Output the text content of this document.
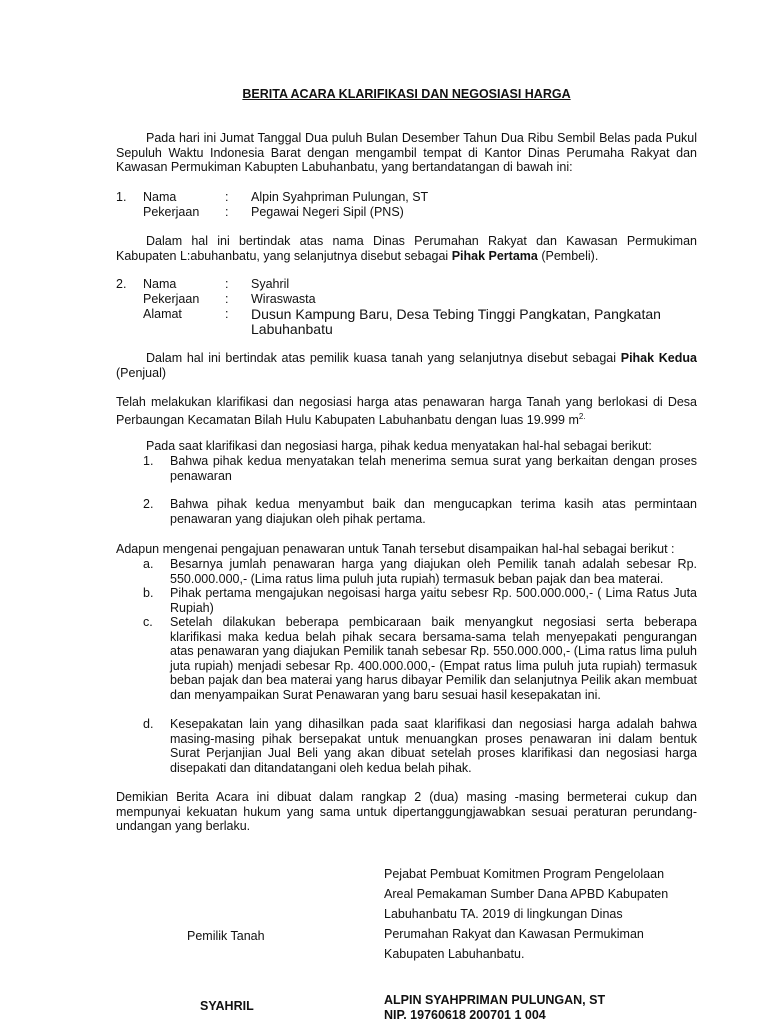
BERITA ACARA KLARIFIKASI DAN NEGOSIASI HARGA
Pada hari ini Jumat Tanggal Dua puluh Bulan Desember Tahun Dua Ribu Sembil Belas pada Pukul Sepuluh Waktu Indonesia Barat dengan mengambil tempat di Kantor Dinas Perumaha Rakyat dan Kawasan Permukiman Kabupten Labuhanbatu, yang bertandatangan di bawah ini:
1. Nama	: Alpin Syahpriman Pulungan, ST
Pekerjaan : Pegawai Negeri Sipil (PNS)
Dalam hal ini bertindak atas nama Dinas Perumahan Rakyat dan Kawasan Permukiman Kabupaten L:abuhanbatu, yang selanjutnya disebut sebagai Pihak Pertama (Pembeli).
2. Nama	: Syahril
Pekerjaan : Wiraswasta
Alamat	: Dusun Kampung Baru, Desa Tebing Tinggi Pangkatan, Pangkatan Labuhanbatu
Dalam hal ini bertindak atas pemilik kuasa tanah yang selanjutnya disebut sebagai Pihak Kedua (Penjual)
Telah melakukan klarifikasi dan negosiasi harga atas penawaran harga Tanah yang berlokasi di Desa Perbaungan Kecamatan Bilah Hulu Kabupaten Labuhanbatu dengan luas 19.999 $m^{2.}$
Pada saat klarifikasi dan negosiasi harga, pihak kedua menyatakan hal-hal sebagai berikut:
1. Bahwa pihak kedua menyatakan telah menerima semua surat yang berkaitan dengan proses penawaran
2. Bahwa pihak kedua menyambut baik dan mengucapkan terima kasih atas permintaan penawaran yang diajukan oleh pihak pertama.
Adapun mengenai pengajuan penawaran untuk Tanah tersebut disampaikan hal-hal sebagai berikut :
a. Besarnya jumlah penawaran harga yang diajukan oleh Pemilik tanah adalah sebesar Rp. 550.000.000,- (Lima ratus lima puluh juta rupiah) termasuk beban pajak dan bea materai.
b. Pihak pertama mengajukan negoisasi harga yaitu sebesr Rp. 500.000.000,- ( Lima Ratus Juta Rupiah)
c. Setelah dilakukan beberapa pembicaraan baik menyangkut negosiasi serta beberapa klarifikasi maka kedua belah pihak secara bersama-sama telah menyepakati pengurangan atas penawaran yang diajukan Pemilik tanah sebesar Rp. 550.000.000,- (Lima ratus lima puluh juta rupiah) menjadi sebesar Rp. 400.000.000,- (Empat ratus lima puluh juta rupiah) termasuk beban pajak dan bea materai yang harus dibayar Pemilik dan selanjutnya Peilik akan membuat dan menyampaikan Surat Penawaran yang baru sesuai hasil kesepakatan ini.
d. Kesepakatan lain yang dihasilkan pada saat klarifikasi dan negosiasi harga adalah bahwa masing-masing pihak bersepakat untuk menuangkan proses penawaran ini dalam bentuk Surat Perjanjian Jual Beli yang akan dibuat setelah proses klarifikasi dan negosiasi harga disepakati dan ditandatangani oleh kedua belah pihak.
Demikian Berita Acara ini dibuat dalam rangkap 2 (dua) masing -masing bermeterai cukup dan mempunyai kekuatan hukum yang sama untuk dipertanggungjawabkan sesuai peraturan perundang-undangan yang berlaku.
Pemilik Tanah
SYAHRIL
Pejabat Pembuat Komitmen Program Pengelolaan
Areal Pemakaman Sumber Dana APBD Kabupaten
Labuhanbatu TA. 2019 di lingkungan Dinas
Perumahan Rakyat dan Kawasan Permukiman
Kabupaten Labuhanbatu.
ALPIN SYAHPRIMAN PULUNGAN, ST
NIP. 19760618 200701 1 004
